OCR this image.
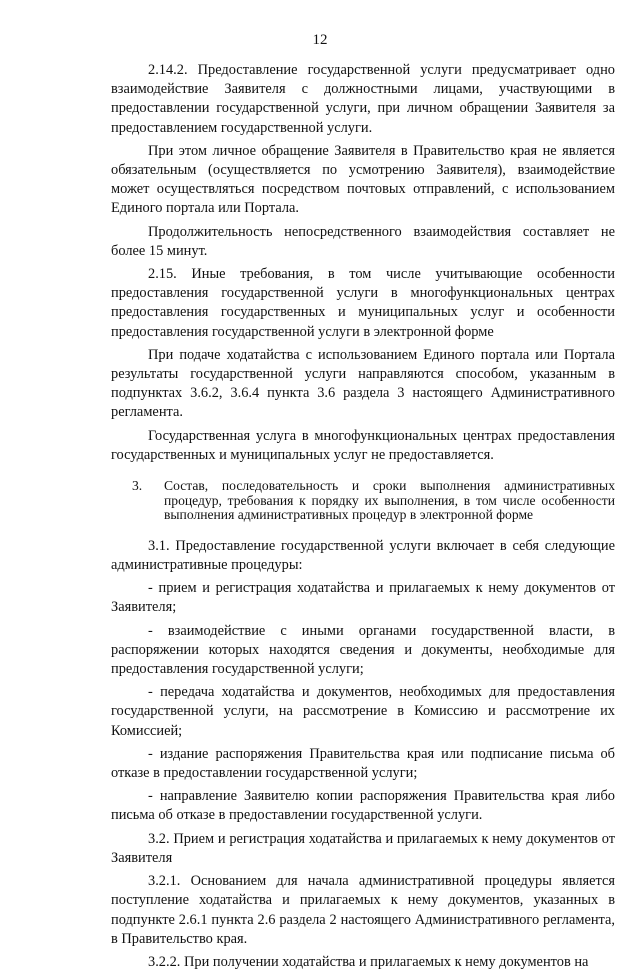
12

2.14.2. Предоставление государственной услуги предусматривает одно взаимодействие Заявителя с должностными лицами, участвующими в предоставлении государственной услуги, при личном обращении Заявителя за предоставлением государственной услуги.

При этом личное обращение Заявителя в Правительство края не является обязательным (осуществляется по усмотрению Заявителя), взаимодействие может осуществляться посредством почтовых отправлений, с использованием Единого портала или Портала.

Продолжительность непосредственного взаимодействия составляет не более 15 минут.

2.15. Иные требования, в том числе учитывающие особенности предоставления государственной услуги в многофункциональных центрах предоставления государственных и муниципальных услуг и особенности предоставления государственной услуги в электронной форме

При подаче ходатайства с использованием Единого портала или Портала результаты государственной услуги направляются способом, указанным в подпунктах 3.6.2, 3.6.4 пункта 3.6 раздела 3 настоящего Административного регламента.

Государственная услуга в многофункциональных центрах предоставления государственных и муниципальных услуг не предоставляется.

3. Состав, последовательность и сроки выполнения административных процедур, требования к порядку их выполнения, в том числе особенности выполнения административных процедур в электронной форме

3.1. Предоставление государственной услуги включает в себя следующие административные процедуры:

- прием и регистрация ходатайства и прилагаемых к нему документов от Заявителя;

- взаимодействие с иными органами государственной власти, в распоряжении которых находятся сведения и документы, необходимые для предоставления государственной услуги;

- передача ходатайства и документов, необходимых для предоставления государственной услуги, на рассмотрение в Комиссию и рассмотрение их Комиссией;

- издание распоряжения Правительства края или подписание письма об отказе в предоставлении государственной услуги;

- направление Заявителю копии распоряжения Правительства края либо письма об отказе в предоставлении государственной услуги.

3.2. Прием и регистрация ходатайства и прилагаемых к нему документов от Заявителя

3.2.1. Основанием для начала административной процедуры является поступление ходатайства и прилагаемых к нему документов, указанных в подпункте 2.6.1 пункта 2.6 раздела 2 настоящего Административного регламента, в Правительство края.

3.2.2. При получении ходатайства и прилагаемых к нему документов на
